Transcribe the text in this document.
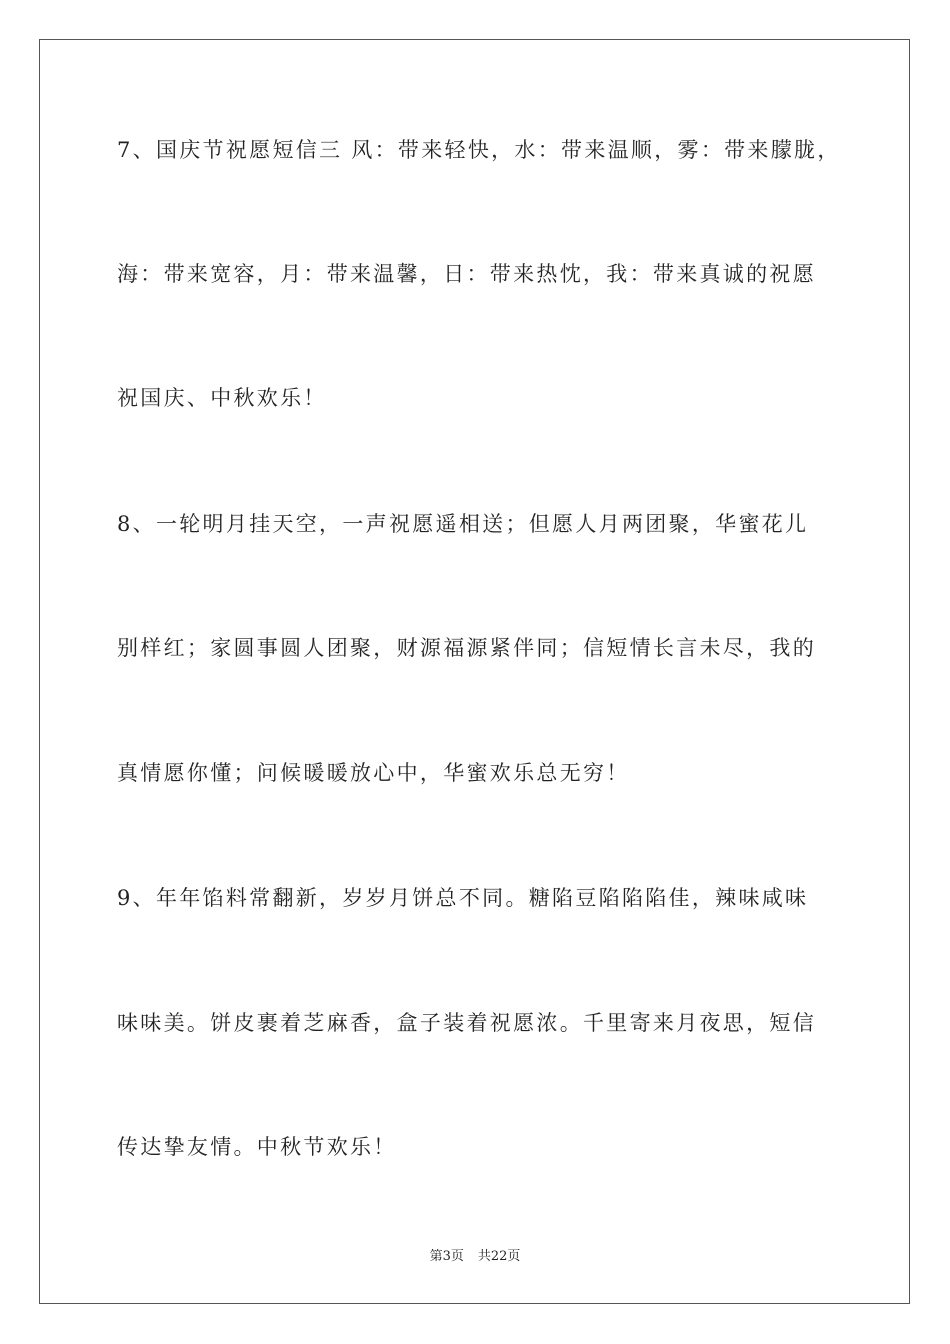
7、国庆节祝愿短信三 风：带来轻快，水：带来温顺，雾：带来朦胧，

海：带来宽容，月：带来温馨，日：带来热忱，我：带来真诚的祝愿

祝国庆、中秋欢乐！

8、一轮明月挂天空，一声祝愿遥相送；但愿人月两团聚，华蜜花儿

别样红；家圆事圆人团聚，财源福源紧伴同；信短情长言未尽，我的

真情愿你懂；问候暖暖放心中，华蜜欢乐总无穷！

9、年年馅料常翻新，岁岁月饼总不同。糖陷豆陷陷陷佳，辣味咸味

味味美。饼皮裹着芝麻香，盒子装着祝愿浓。千里寄来月夜思，短信

传达挚友情。中秋节欢乐！

第3页 共22页
